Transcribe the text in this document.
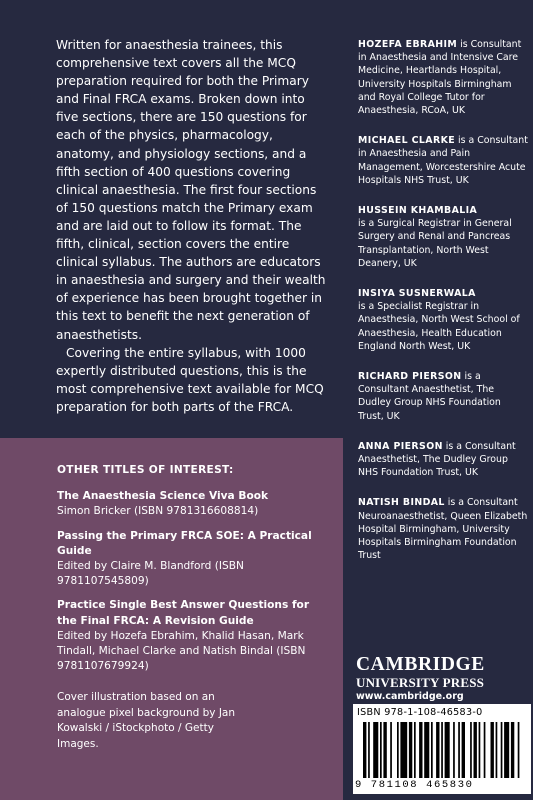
Written for anaesthesia trainees, this comprehensive text covers all the MCQ preparation required for both the Primary and Final FRCA exams. Broken down into five sections, there are 150 questions for each of the physics, pharmacology, anatomy, and physiology sections, and a fifth section of 400 questions covering clinical anaesthesia. The first four sections of 150 questions match the Primary exam and are laid out to follow its format. The fifth, clinical, section covers the entire clinical syllabus. The authors are educators in anaesthesia and surgery and their wealth of experience has been brought together in this text to benefit the next generation of anaesthetists.

Covering the entire syllabus, with 1000 expertly distributed questions, this is the most comprehensive text available for MCQ preparation for both parts of the FRCA.

HOZEFA EBRAHIM is Consultant in Anaesthesia and Intensive Care Medicine, Heartlands Hospital, University Hospitals Birmingham and Royal College Tutor for Anaesthesia, RCoA, UK
MICHAEL CLARKE is a Consultant in Anaesthesia and Pain Management, Worcestershire Acute Hospitals NHS Trust, UK
HUSSEIN KHAMBALIA
is a Surgical Registrar in General Surgery and Renal and Pancreas Transplantation, North West Deanery, UK
INSIYA SUSNERWALA
is a Specialist Registrar in Anaesthesia, North West School of Anaesthesia, Health Education England North West, UK
RICHARD PIERSON is a Consultant Anaesthetist, The Dudley Group NHS Foundation Trust, UK
ANNA PIERSON is a Consultant Anaesthetist, The Dudley Group NHS Foundation Trust, UK
NATISH BINDAL is a Consultant Neuroanaesthetist, Queen Elizabeth Hospital Birmingham, University Hospitals Birmingham Foundation Trust
OTHER TITLES OF INTEREST:
The Anaesthesia Science Viva Book
Simon Bricker (ISBN 9781316608814)
Passing the Primary FRCA SOE: A Practical Guide
Edited by Claire M. Blandford (ISBN 9781107545809)
Practice Single Best Answer Questions for the Final FRCA: A Revision Guide
Edited by Hozefa Ebrahim, Khalid Hasan, Mark Tindall, Michael Clarke and Natish Bindal (ISBN 9781107679924)
Cover illustration based on an analogue pixel background by Jan Kowalski / iStockphoto / Getty Images.
CAMBRIDGE
UNIVERSITY PRESS
www.cambridge.org
ISBN 978-1-108-46583-0
9 781108 465830
